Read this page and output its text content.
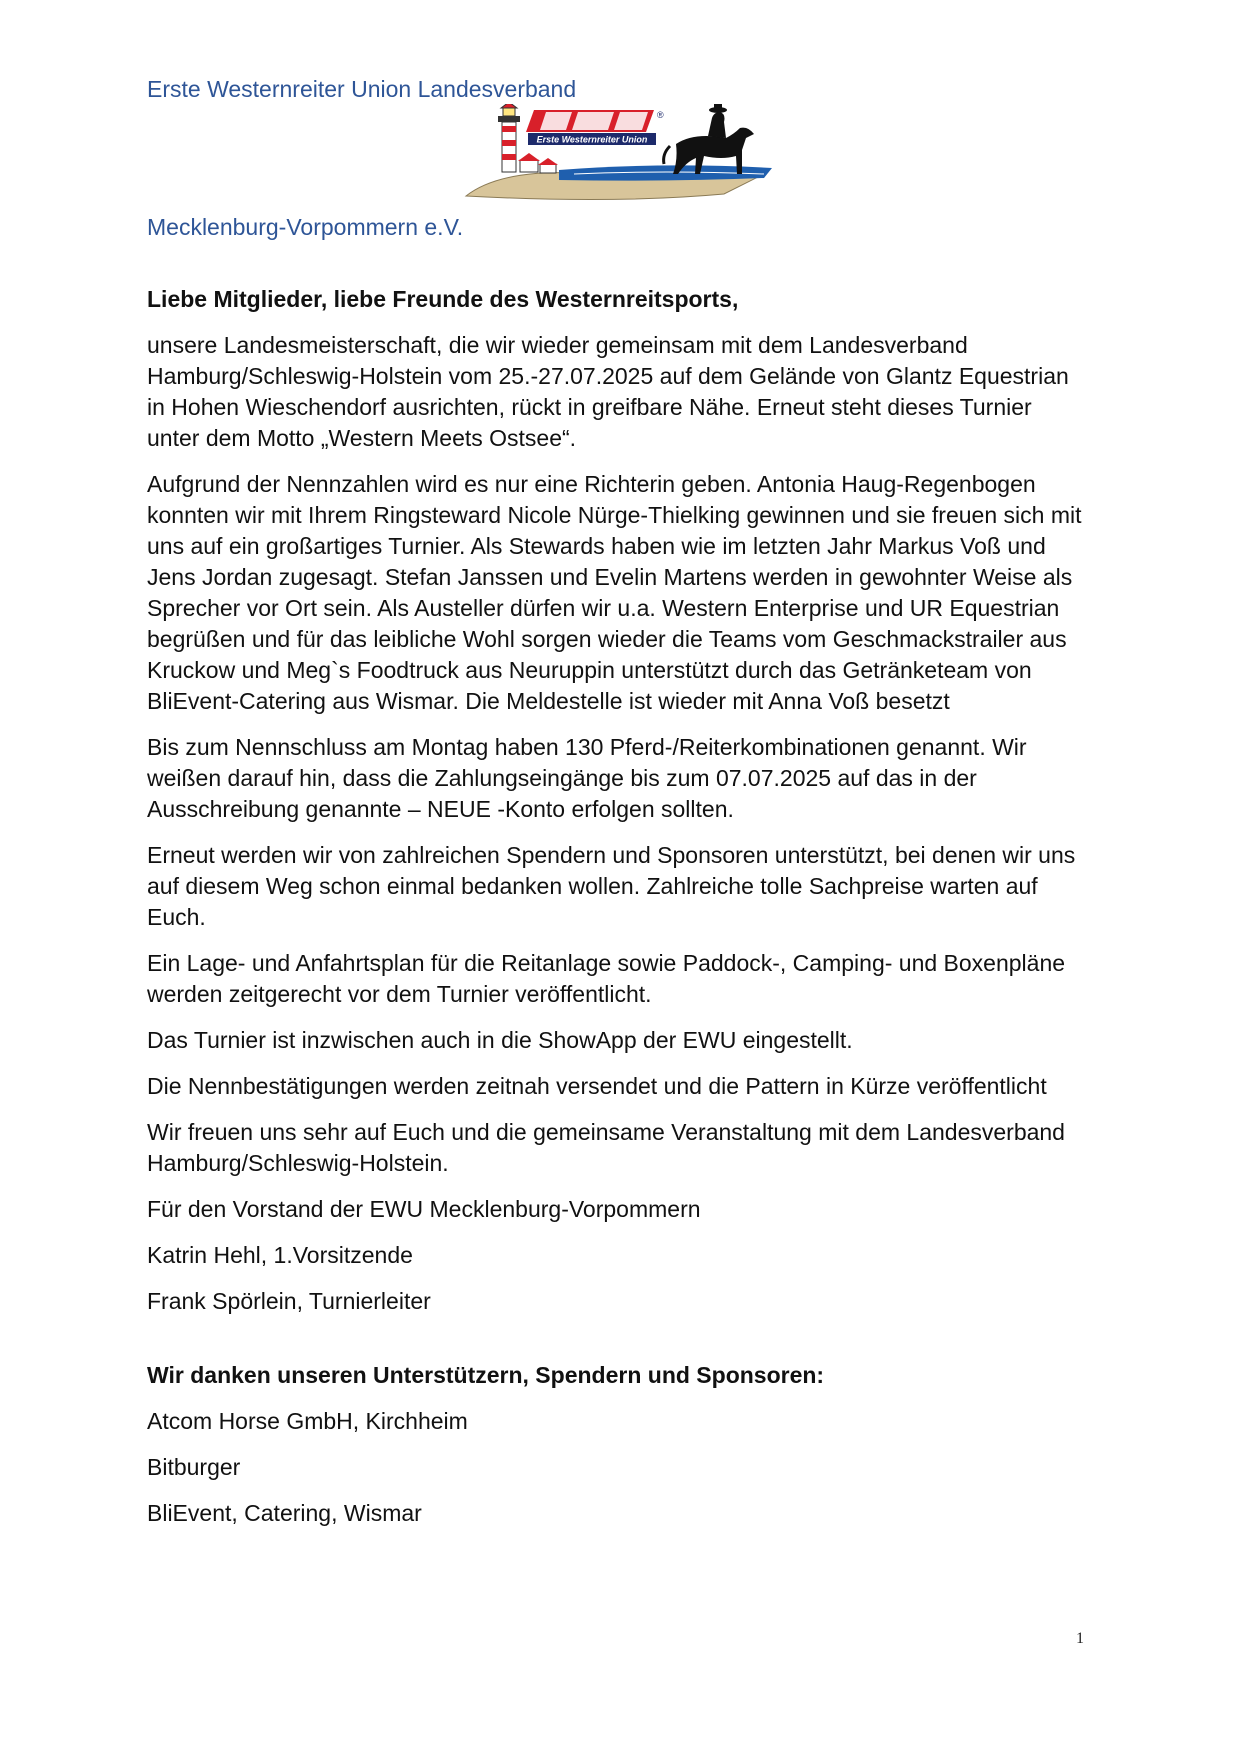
Erste Westernreiter Union Landesverband
Erste Westernreiter Union
®
Mecklenburg-Vorpommern e.V.

Liebe Mitglieder, liebe Freunde des Westernreitsports,

unsere Landesmeisterschaft, die wir wieder gemeinsam mit dem Landesverband Hamburg/Schleswig-Holstein vom 25.-27.07.2025 auf dem Gelände von Glantz Equestrian in Hohen Wieschendorf ausrichten, rückt in greifbare Nähe. Erneut steht dieses Turnier unter dem Motto „Western Meets Ostsee“.

Aufgrund der Nennzahlen wird es nur eine Richterin geben. Antonia Haug-Regenbogen konnten wir mit Ihrem Ringsteward Nicole Nürge-Thielking gewinnen und sie freuen sich mit uns auf ein großartiges Turnier. Als Stewards haben wie im letzten Jahr Markus Voß und Jens Jordan zugesagt. Stefan Janssen und Evelin Martens werden in gewohnter Weise als Sprecher vor Ort sein. Als Austeller dürfen wir u.a. Western Enterprise und UR Equestrian begrüßen und für das leibliche Wohl sorgen wieder die Teams vom Geschmackstrailer aus Kruckow und Meg`s Foodtruck aus Neuruppin unterstützt durch das Getränketeam von BliEvent-Catering aus Wismar. Die Meldestelle ist wieder mit Anna Voß besetzt

Bis zum Nennschluss am Montag haben 130 Pferd-/Reiterkombinationen genannt. Wir weißen darauf hin, dass die Zahlungseingänge bis zum 07.07.2025 auf das in der Ausschreibung genannte – NEUE -Konto erfolgen sollten.

Erneut werden wir von zahlreichen Spendern und Sponsoren unterstützt, bei denen wir uns auf diesem Weg schon einmal bedanken wollen. Zahlreiche tolle Sachpreise warten auf Euch.

Ein Lage- und Anfahrtsplan für die Reitanlage sowie Paddock-, Camping- und Boxenpläne werden zeitgerecht vor dem Turnier veröffentlicht.

Das Turnier ist inzwischen auch in die ShowApp der EWU eingestellt.

Die Nennbestätigungen werden zeitnah versendet und die Pattern in Kürze veröffentlicht

Wir freuen uns sehr auf Euch und die gemeinsame Veranstaltung mit dem Landesverband Hamburg/Schleswig-Holstein.

Für den Vorstand der EWU Mecklenburg-Vorpommern

Katrin Hehl, 1.Vorsitzende

Frank Spörlein, Turnierleiter

Wir danken unseren Unterstützern, Spendern und Sponsoren:

Atcom Horse GmbH, Kirchheim

Bitburger

BliEvent, Catering, Wismar

1
